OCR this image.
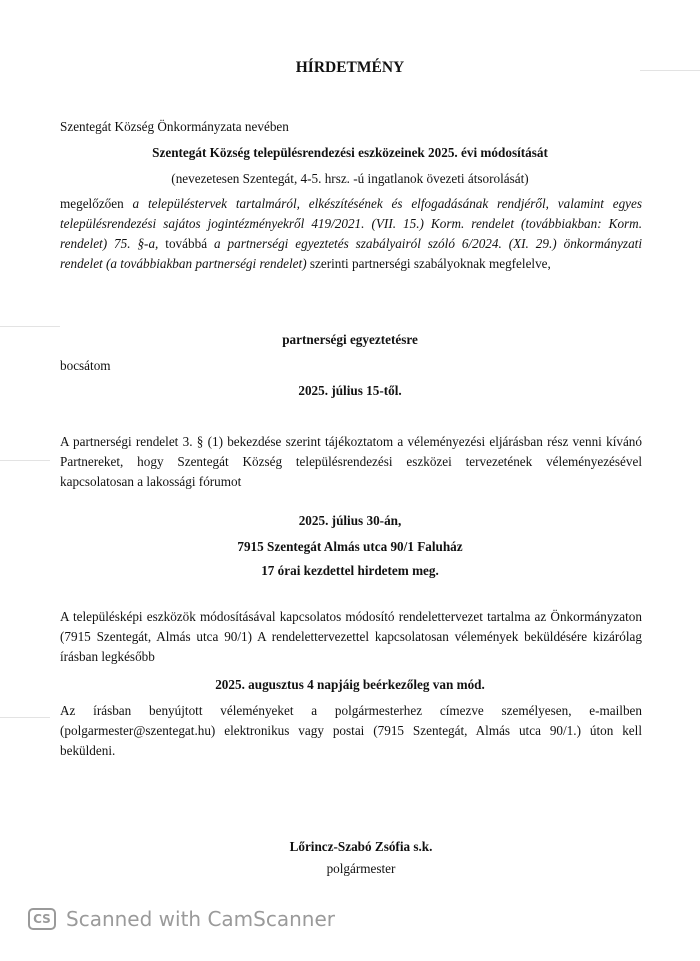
HÍRDETMÉNY

Szentegát Község Önkormányzata nevében

Szentegát Község településrendezési eszközeinek 2025. évi módosítását

(nevezetesen Szentegát, 4-5. hrsz. -ú ingatlanok övezeti átsorolását)

megelőzően a településtervek tartalmáról, elkészítésének és elfogadásának rendjéről, valamint egyes településrendezési sajátos jogintézményekről 419/2021. (VII. 15.) Korm. rendelet (továbbiakban: Korm. rendelet) 75. §-a, továbbá a partnerségi egyeztetés szabályairól szóló 6/2024. (XI. 29.) önkormányzati rendelet (a továbbiakban partnerségi rendelet) szerinti partnerségi szabályoknak megfelelve,

partnerségi egyeztetésre

bocsátom

2025. július 15-től.

A partnerségi rendelet 3. § (1) bekezdése szerint tájékoztatom a véleményezési eljárásban rész venni kívánó Partnereket, hogy Szentegát Község településrendezési eszközei tervezetének véleményezésével kapcsolatosan a lakossági fórumot

2025. július 30-án,

7915 Szentegát Almás utca 90/1 Faluház

17 órai kezdettel hirdetem meg.

A településképi eszközök módosításával kapcsolatos módosító rendelettervezet tartalma az Önkormányzaton (7915 Szentegát, Almás utca 90/1) A rendelettervezettel kapcsolatosan vélemények beküldésére kizárólag írásban legkésőbb

2025. augusztus 4 napjáig beérkezőleg van mód.

Az írásban benyújtott véleményeket a polgármesterhez címezve személyesen, e-mailben (polgarmester@szentegat.hu) elektronikus vagy postai (7915 Szentegát, Almás utca 90/1.) úton kell beküldeni.

Lőrincz-Szabó Zsófia s.k.

polgármester

CS Scanned with CamScanner
